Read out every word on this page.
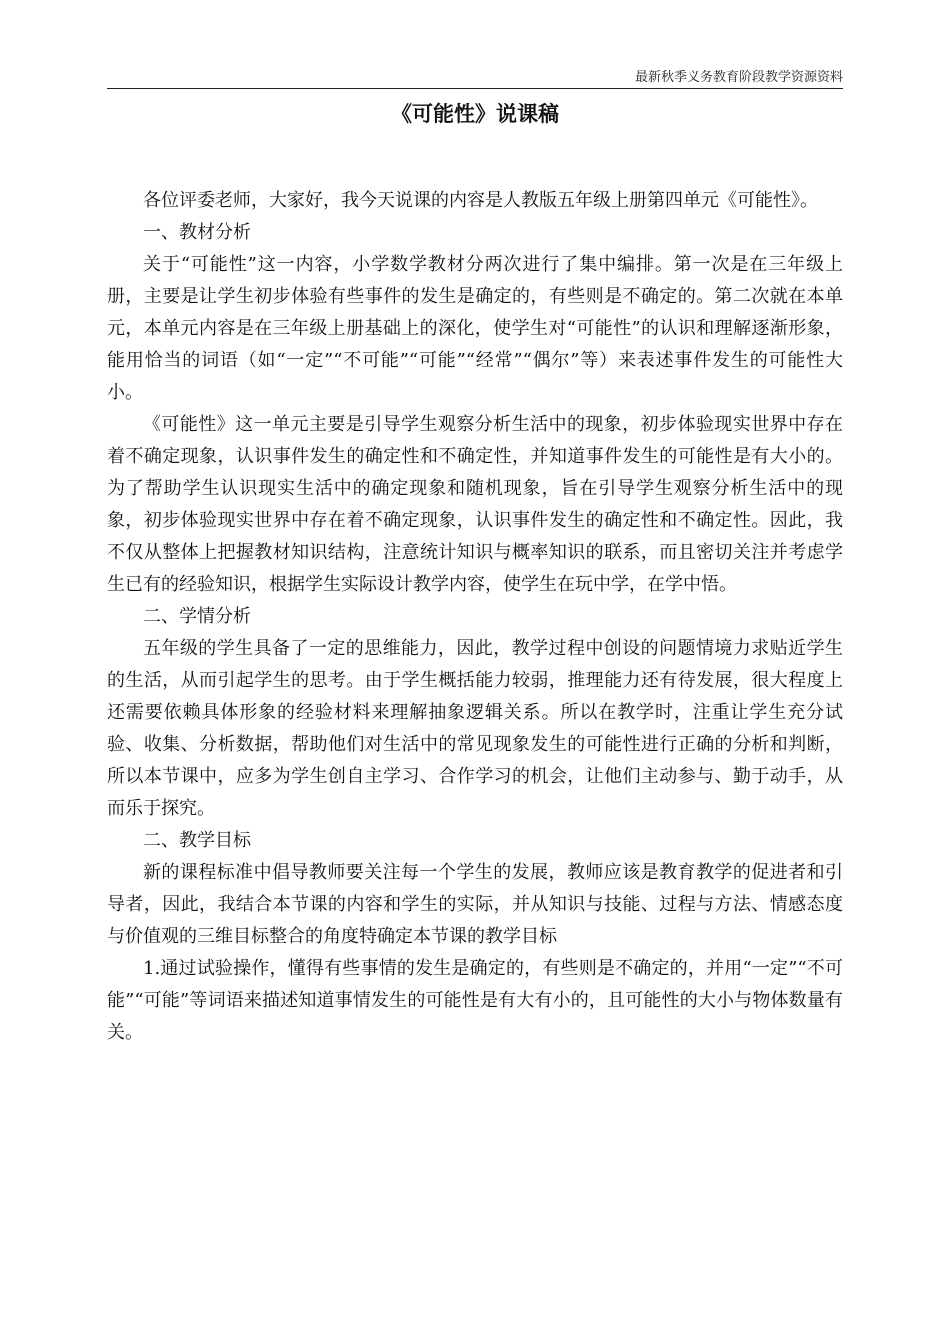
最新秋季义务教育阶段教学资源资料
《可能性》说课稿

各位评委老师，大家好，我今天说课的内容是人教版五年级上册第四单元《可能性》。

一、教材分析

关于“可能性”这一内容，小学数学教材分两次进行了集中编排。第一次是在三年级上册，主要是让学生初步体验有些事件的发生是确定的，有些则是不确定的。第二次就在本单元，本单元内容是在三年级上册基础上的深化，使学生对“可能性”的认识和理解逐渐形象，能用恰当的词语（如“一定”“不可能”“可能”“经常”“偶尔”等）来表述事件发生的可能性大小。

《可能性》这一单元主要是引导学生观察分析生活中的现象，初步体验现实世界中存在着不确定现象，认识事件发生的确定性和不确定性，并知道事件发生的可能性是有大小的。为了帮助学生认识现实生活中的确定现象和随机现象，旨在引导学生观察分析生活中的现象，初步体验现实世界中存在着不确定现象，认识事件发生的确定性和不确定性。因此，我不仅从整体上把握教材知识结构，注意统计知识与概率知识的联系，而且密切关注并考虑学生已有的经验知识，根据学生实际设计教学内容，使学生在玩中学，在学中悟。

二、学情分析

五年级的学生具备了一定的思维能力，因此，教学过程中创设的问题情境力求贴近学生的生活，从而引起学生的思考。由于学生概括能力较弱，推理能力还有待发展，很大程度上还需要依赖具体形象的经验材料来理解抽象逻辑关系。所以在教学时，注重让学生充分试验、收集、分析数据，帮助他们对生活中的常见现象发生的可能性进行正确的分析和判断，所以本节课中，应多为学生创自主学习、合作学习的机会，让他们主动参与、勤于动手，从而乐于探究。

二、教学目标

新的课程标准中倡导教师要关注每一个学生的发展，教师应该是教育教学的促进者和引导者，因此，我结合本节课的内容和学生的实际，并从知识与技能、过程与方法、情感态度与价值观的三维目标整合的角度特确定本节课的教学目标

1.通过试验操作，懂得有些事情的发生是确定的，有些则是不确定的，并用“一定”“不可能”“可能”等词语来描述知道事情发生的可能性是有大有小的，且可能性的大小与物体数量有关。
